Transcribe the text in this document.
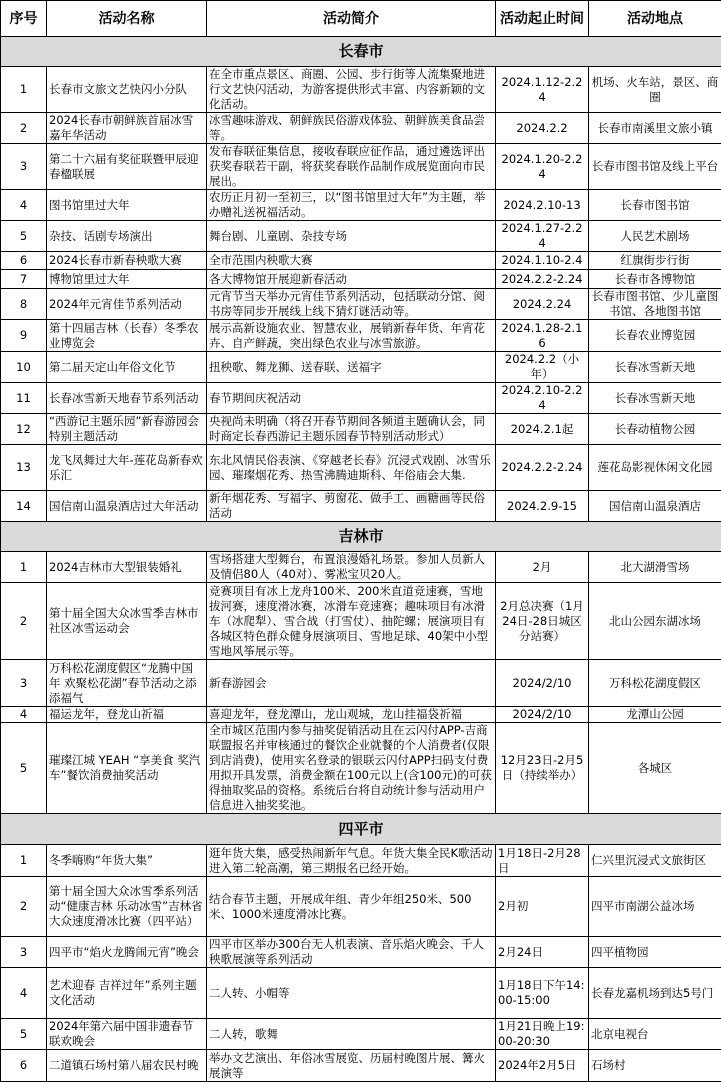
序号	活动名称	活动简介	活动起止时间	活动地点
长春市				
1	长春市文旅文艺快闪小分队	在全市重点景区、商圈、公园、步行街等人流集聚地进行文艺快闪活动，为游客提供形式丰富、内容新颖的文化活动。	2024.1.12-2.24	机场、火车站，景区、商圈
2	2024长春市朝鲜族首届冰雪嘉年华活动	冰雪趣味游戏、朝鲜族民俗游戏体验、朝鲜族美食品尝等。	2024.2.2	长春市南溪里文旅小镇
3	第二十六届有奖征联暨甲辰迎春楹联展	发布春联征集信息，接收春联应征作品，通过遴选评出获奖春联若干副，将获奖春联作品制作成展览面向市民展出。	2024.1.20-2.24	长春市图书馆及线上平台
4	图书馆里过大年	农历正月初一至初三，以“图书馆里过大年”为主题，举办赠礼送祝福活动。	2024.2.10-13	长春市图书馆
5	杂技、话剧专场演出	舞台剧、儿童剧、杂技专场	2024.1.27-2.24	人民艺术剧场
6	2024长春市新春秧歌大赛	全市范围内秧歌大赛	2024.1.10-2.4	红旗街步行街
7	博物馆里过大年	各大博物馆开展迎新春活动	2024.2.2-2.24	长春市各博物馆
8	2024年元宵佳节系列活动	元宵节当天举办元宵佳节系列活动，包括联动分馆、阅书房等同步开展线上线下猜灯谜活动等。	2024.2.24	长春市图书馆、少儿童图书馆、各地图书馆
9	第十四届吉林（长春）冬季农业博览会	展示高新设施农业、智慧农业，展销新春年货、年宵花卉、自产鲜蔬，突出绿色农业与冰雪旅游。	2024.1.28-2.16	长春农业博览园
10	第二届天定山年俗文化节	扭秧歌、舞龙狮、送春联、送福字	2024.2.2（小年）	长春冰雪新天地
11	长春冰雪新天地春节系列活动	春节期间庆祝活动	2024.2.10-2.24	长春冰雪新天地
12	“西游记主题乐园”新春游园会特别主题活动	央视尚未明确（将召开春节期间各频道主题确认会，同时商定长春西游记主题乐园春节特别活动形式）	2024.2.1起	长春动植物公园
13	龙飞凤舞过大年-莲花岛新春欢乐汇	东北风情民俗表演、《穿越老长春》沉浸式戏剧、冰雪乐园、璀璨烟花秀、热雪沸腾迪斯科、年俗庙会大集.	2024.2.2-2.24	莲花岛影视休闲文化园
14	国信南山温泉酒店过大年活动	新年烟花秀、写福字、剪窗花、做手工、画糖画等民俗活动	2024.2.9-15	国信南山温泉酒店
吉林市				
1	2024吉林市大型银装婚礼	雪场搭建大型舞台，布置浪漫婚礼场景。参加人员新人及情侣80人（40对）、雾凇宝贝20人。	2月	北大湖滑雪场
2	第十届全国大众冰雪季吉林市社区冰雪运动会	竞赛项目有冰上龙舟100米、200米直道竞速赛，雪地拔河赛，速度滑冰赛，冰滑车竞速赛；趣味项目有冰滑车（冰爬犁）、雪合战（打雪仗）、抽陀螺；展演项目有各城区特色群众健身展演项目、雪地足球、40架中小型雪地风筝展示等。	2月总决赛（1月24日-28日城区分站赛）	北山公园东湖冰场
3	万科松花湖度假区“龙腾中国年 欢聚松花湖”春节活动之添添福气	新春游园会	2024/2/10	万科松花湖度假区
4	福运龙年，登龙山祈福	喜迎龙年，登龙潭山，龙山观城，龙山挂福袋祈福	2024/2/10	龙潭山公园
5	璀璨江城 YEAH “享美食 奖汽车”餐饮消费抽奖活动	全市城区范围内参与抽奖促销活动且在云闪付APP-吉商联盟报名并审核通过的餐饮企业就餐的个人消费者(仅限到店消费)，使用实名登录的银联云闪付APP扫码支付费用拟开具发票，消费金额在100元以上(含100元)的可获得抽取奖品的资格。系统后台将自动统计参与活动用户信息进入抽奖奖池。	12月23日-2月5日（持续举办）	各城区
四平市				
1	冬季嗨购“年货大集”	逛年货大集，感受热闹新年气息。年货大集全民K歌活动进入第二轮高潮，第三期报名已经开始。	1月18日-2月28日	仁兴里沉浸式文旅街区
2	第十届全国大众冰雪季系列活动“健康吉林 乐动冰雪”吉林省大众速度滑冰比赛（四平站）	结合春节主题，开展成年组、青少年组250米、500米、1000米速度滑冰比赛。	2月初	四平市南湖公益冰场
3	四平市“焰火龙腾闹元宵”晚会	四平市区举办300台无人机表演、音乐焰火晚会、千人秧歌展演等系列活动	2月24日	四平植物园
4	艺术迎春 吉祥过年”系列主题文化活动	二人转、小帽等	1月18日下午14:00-15:00	长春龙嘉机场到达5号门
5	2024年第六届中国非遗春节联欢晚会	二人转，歌舞	1月21日晚上19:00-20:30	北京电视台
6	二道镇石场村第八届农民村晚	举办文艺演出、年俗冰雪展览、历届村晚图片展、篝火展演等	2024年2月5日	石场村
